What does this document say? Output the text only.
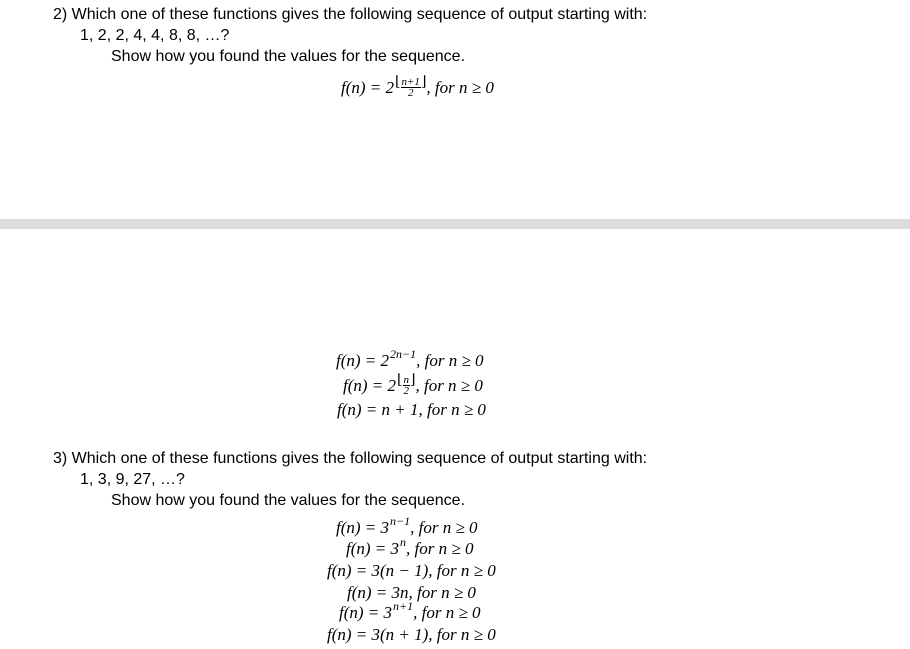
2) Which one of these functions gives the following sequence of output starting with:
1, 2, 2, 4, 4, 8, 8, …?
Show how you found the values for the sequence.
f(n) = 2⌊ $\frac{n+1}{2}$ ⌋, for n ≥ 0
$f(n) = 2^{2n-1}$, for n ≥ 0
f(n) = 2⌊ $\frac{n}{2}$ ⌋, for n ≥ 0
f(n) = n + 1, for n ≥ 0
3) Which one of these functions gives the following sequence of output starting with:
1, 3, 9, 27, …?
Show how you found the values for the sequence.
$f(n) = 3^{n-1}$, for n ≥ 0
$f(n) = 3^n$, for n ≥ 0
f(n) = 3(n − 1), for n ≥ 0
f(n) = 3n, for n ≥ 0
$f(n) = 3^{n+1}$, for n ≥ 0
f(n) = 3(n + 1), for n ≥ 0
